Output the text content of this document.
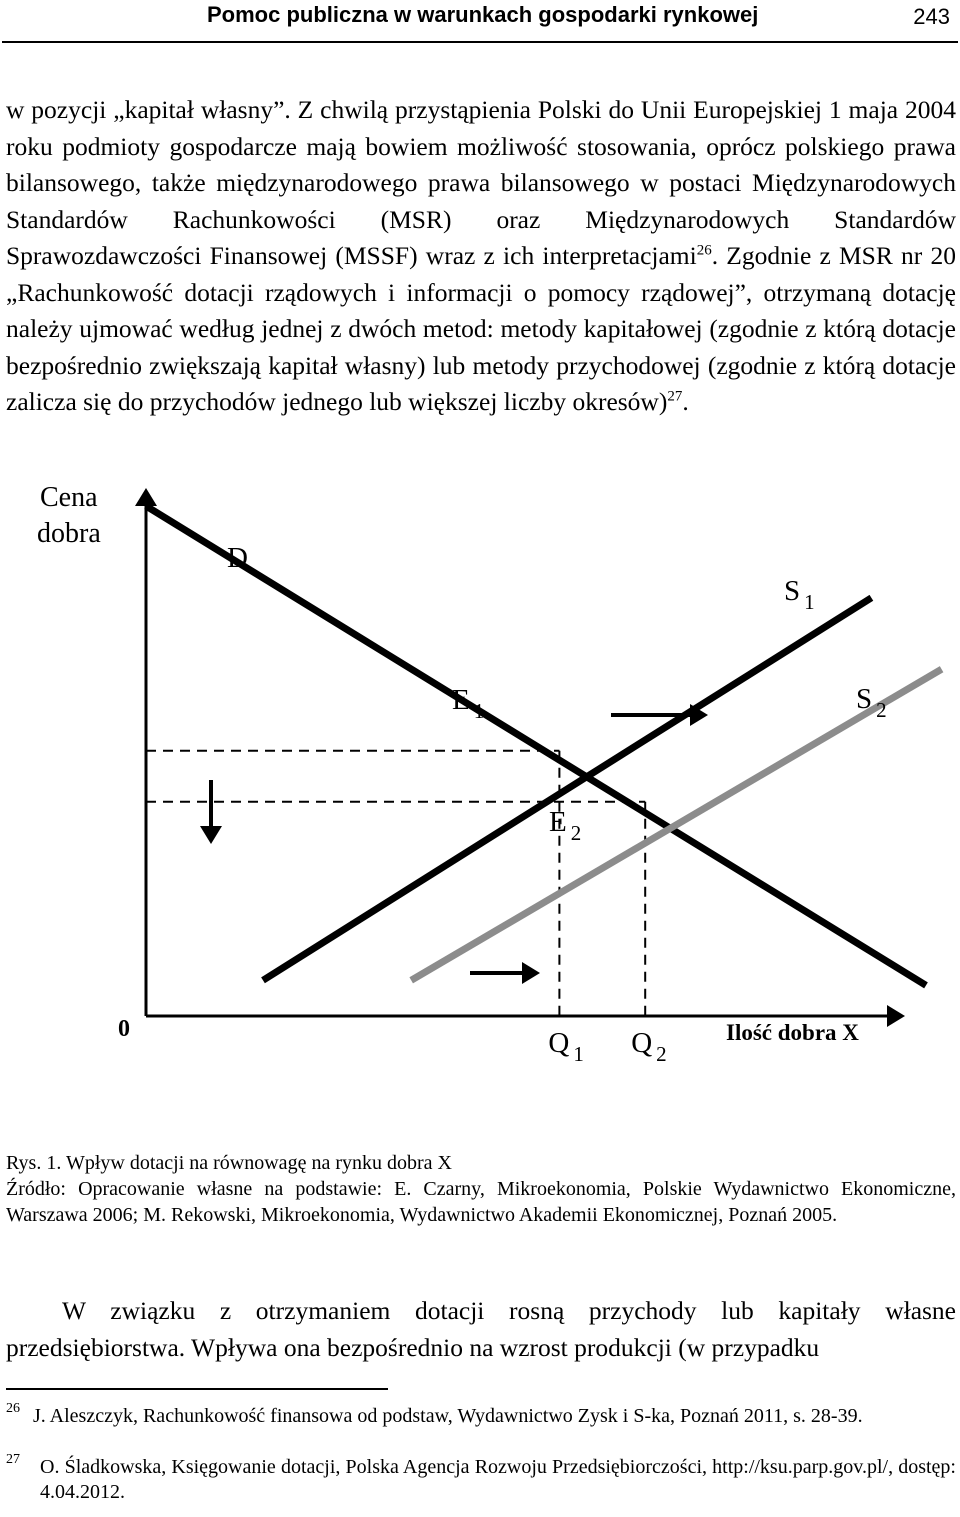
Pomoc publiczna w warunkach gospodarki rynkowej	243

w pozycji „kapitał własny”. Z chwilą przystąpienia Polski do Unii Europejskiej 1 maja 2004 roku podmioty gospodarcze mają bowiem możliwość stosowania, oprócz polskiego prawa bilansowego, także międzynarodowego prawa bilansowego w postaci Międzynarodowych Standardów Rachunkowości (MSR) oraz Międzynarodowych Standardów Sprawozdawczości Finansowej (MSSF) wraz z ich interpretacjami$^{26}$. Zgodnie z MSR nr 20 „Rachunkowość dotacji rządowych i informacji o pomocy rządowej”, otrzymaną dotację należy ujmować według jednej z dwóch metod: metody kapitałowej (zgodnie z którą dotacje bezpośrednio zwiększają kapitał własny) lub metody przychodowej (zgodnie z którą dotacje zalicza się do przychodów jednego lub większej liczby okresów)$^{27}$.

Cena
dobra
0	Ilość dobra X
D
S $_1$
S $_2$
E $_1$
E $_2$
Q $_1$ Q $_2$
Rys. 1. Wpływ dotacji na równowagę na rynku dobra X
Źródło: Opracowanie własne na podstawie: E. Czarny, Mikroekonomia, Polskie Wydawnictwo Ekonomiczne, Warszawa 2006; M. Rekowski, Mikroekonomia, Wydawnictwo Akademii Ekonomicznej, Poznań 2005.
W związku z otrzymaniem dotacji rosną przychody lub kapitały własne przedsiębiorstwa. Wpływa ona bezpośrednio na wzrost produkcji (w przypadku
26 J. Aleszczyk, Rachunkowość finansowa od podstaw, Wydawnictwo Zysk i S-ka, Poznań 2011, s. 28-39.
27 O. Śladkowska, Księgowanie dotacji, Polska Agencja Rozwoju Przedsiębiorczości, http://ksu.parp.gov.pl/, dostęp: 4.04.2012.
